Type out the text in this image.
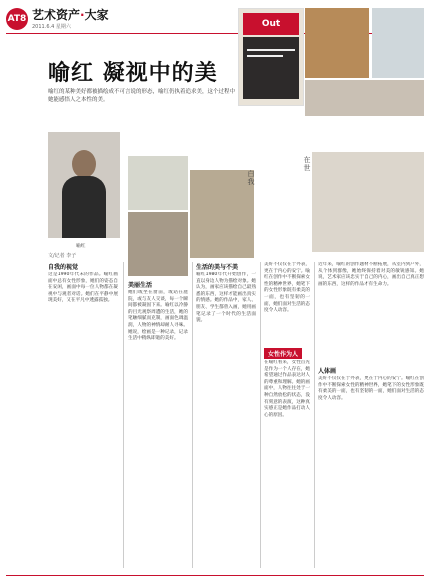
AT8 艺术资产·大家
2011.6.4 星期六
喻红 凝视中的美
喻红的某种美好都被描绘成不可言说的形态，喻红仍执着追求美，这个过程中她能感悟人之本性的美。
Out
喻红
文/记者 李子
白我
在世
自我的视觉
这是1990年代末的作品。喻红画面中总有女性形象，她们的姿态自在安闲，画面中每一位人物都在凝视中与观者对话。她们在平静中展现美好，又在平凡中透露孤独。
美丽生活
她们或坐在窗前，或站在庭院，或与友人交谈，每一个瞬间都被凝固下来。喻红以冷静的目光观察周遭的生活，她的笔触细腻而克制，画面色调温润，人物的神情却耐人寻味。她说，绘画是一种记录，记录生活中稍纵即逝的美好。
生活的美与不美
喻红1980年代开始创作，一直以身边人物为描绘对象。她认为，画家应该描绘自己最熟悉的东西，这样才能画出真实的情感。她的作品中，家人、朋友、学生都曾入画，她用画笔记录了一个时代的生活面貌。
美好不仅仅在于外表，更在于内心的安宁。喻红在创作中不断探索女性的精神世界，她笔下的女性形象既有柔美的一面，也有坚韧的一面，她们面对生活的态度令人动容。
女性作为人
在喻红看来，女性首先是作为一个人存在，她希望通过作品表达对人的尊重和理解。她的画面中，人物往往处于一种自然放松的状态，没有刻意的表演，这种真实感正是她作品打动人心的原因。
近年来，喻红的创作题材不断拓展，从室内到户外，从个体到群像，她始终保持着对美的敏锐感知。她说，艺术家应该忠实于自己的内心，画出自己真正想画的东西，这样的作品才有生命力。
人体画
美好不仅仅在于外表，更在于内心的安宁。喻红在创作中不断探索女性的精神世界，她笔下的女性形象既有柔美的一面，也有坚韧的一面，她们面对生活的态度令人动容。
